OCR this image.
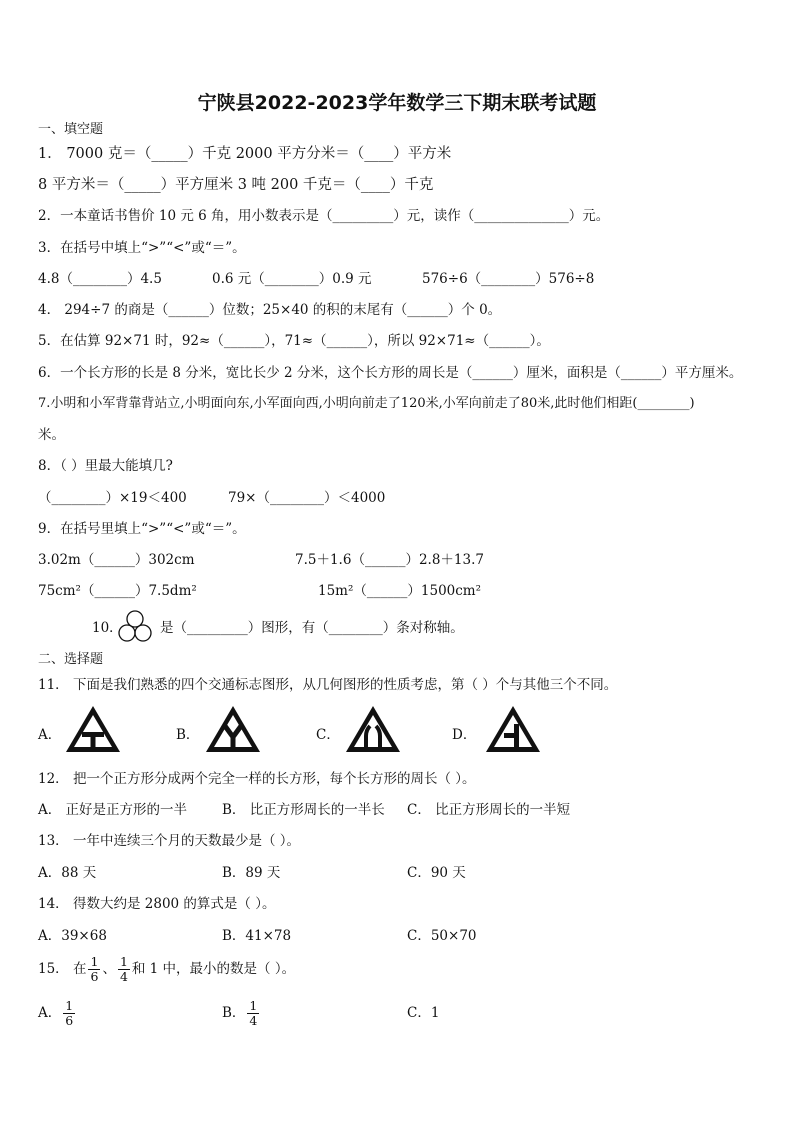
宁陕县2022-2023学年数学三下期末联考试题
一、填空题
1． 7000 克＝（_____）千克 2000 平方分米＝（____）平方米
8 平方米＝（_____）平方厘米 3 吨 200 千克＝（____）千克
2．一本童话书售价 10 元 6 角，用小数表示是（_________）元，读作（______________）元。
3．在括号中填上“>”“<”或“＝”。
4.8（________）4.5	0.6 元（________）0.9 元	576÷6（________）576÷8
4． 294÷7 的商是（______）位数；25×40 的积的末尾有（______）个 0。
5．在估算 92×71 时，92≈（______），71≈（______），所以 92×71≈（______）。
6．一个长方形的长是 8 分米，宽比长少 2 分米，这个长方形的周长是（______）厘米，面积是（______）平方厘米。
7.小明和小军背靠背站立,小明面向东,小军面向西,小明向前走了120米,小军向前走了80米,此时他们相距(________)
米。
8．（ ）里最大能填几?
（________）×19＜400	79×（________）＜4000
9．在括号里填上“>”“<”或“＝”。
3.02m（______）302cm	7.5＋1.6（______）2.8＋13.7
75cm²（______）7.5dm²	15m²（______）1500cm²
10．	是（_________）图形，有（________）条对称轴。
二、选择题
11． 下面是我们熟悉的四个交通标志图形，从几何图形的性质考虑，第（ ）个与其他三个不同。
A．	B．	C．	D．
12． 把一个正方形分成两个完全一样的长方形，每个长方形的周长（ ）。
A． 正好是正方形的一半	B． 比正方形周长的一半长 C． 比正方形周长的一半短
13． 一年中连续三个月的天数最少是（ ）。
A．88 天	B．89 天	C．90 天
14． 得数大约是 2800 的算式是（ ）。
A．39×68	B．41×78	C．50×70
15． 在 $\frac{1}{6}$ 、 $\frac{1}{4}$ 和 1 中，最小的数是（ ）。
A． $\frac{1}{6}$	B． $\frac{1}{4}$	C．1
